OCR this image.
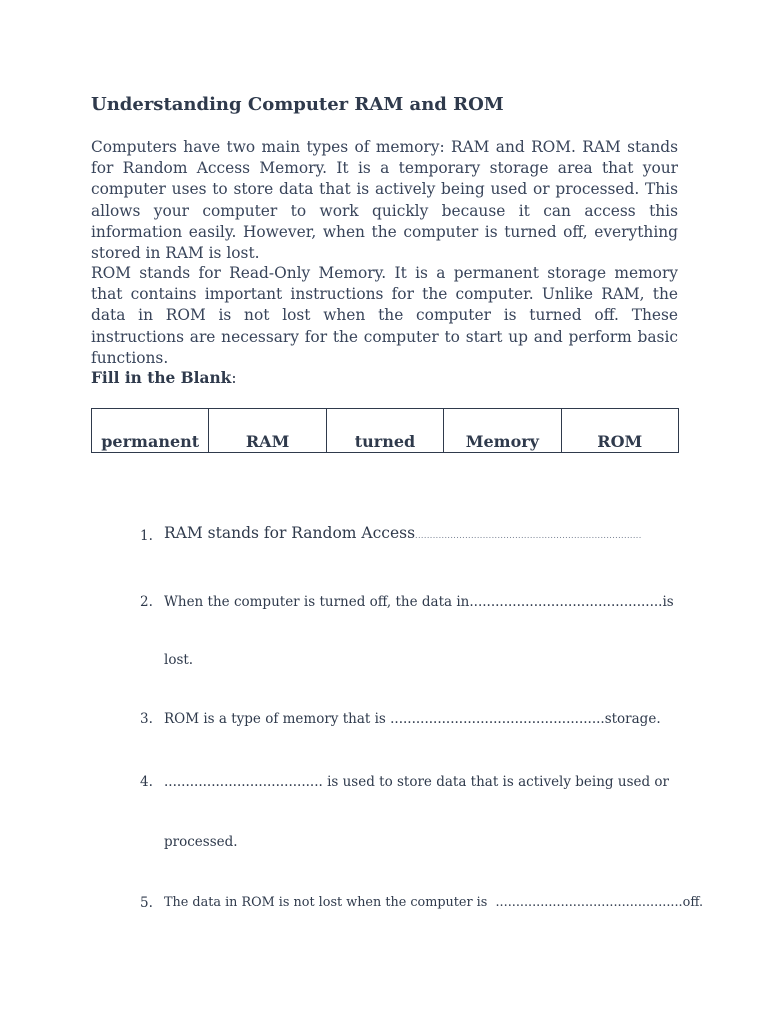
Understanding Computer RAM and ROM

Computers have two main types of memory: RAM and ROM. RAM stands for Random Access Memory. It is a temporary storage area that your computer uses to store data that is actively being used or processed. This allows your computer to work quickly because it can access this information easily. However, when the computer is turned off, everything stored in RAM is lost.

ROM stands for Read-Only Memory. It is a permanent storage memory that contains important instructions for the computer. Unlike RAM, the data in ROM is not lost when the computer is turned off. These instructions are necessary for the computer to start up and perform basic functions.

Fill in the Blank:
permanent	RAM	turned	Memory	ROM
1. RAM stands for Random Access.............................................................................
2. When the computer is turned off, the data in.............................................is
lost.
3. ROM is a type of memory that is ..................................................storage.
4. ..................................... is used to store data that is actively being used or
processed.
5. The data in ROM is not lost when the computer is  ..............................................off.
